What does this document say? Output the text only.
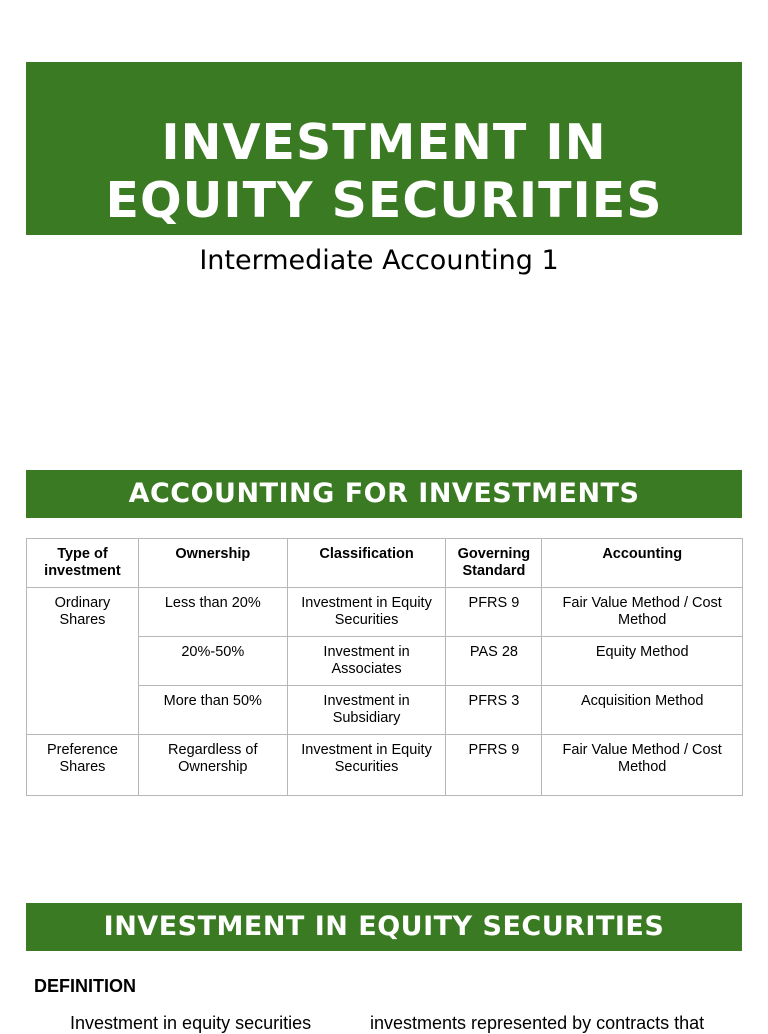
INVESTMENT IN
EQUITY SECURITIES
Intermediate Accounting 1
ACCOUNTING FOR INVESTMENTS
Type of investment	Ownership	Classification	Governing Standard	Accounting
Ordinary Shares	Less than 20%	Investment in Equity Securities	PFRS 9	Fair Value Method / Cost Method
	20%-50%	Investment in Associates	PAS 28	Equity Method
	More than 50%	Investment in Subsidiary	PFRS 3	Acquisition Method
Preference Shares	Regardless of Ownership	Investment in Equity Securities	PFRS 9	Fair Value Method / Cost Method
INVESTMENT IN EQUITY SECURITIES
DEFINITION
Investment in equity securities	investments represented by contracts that
